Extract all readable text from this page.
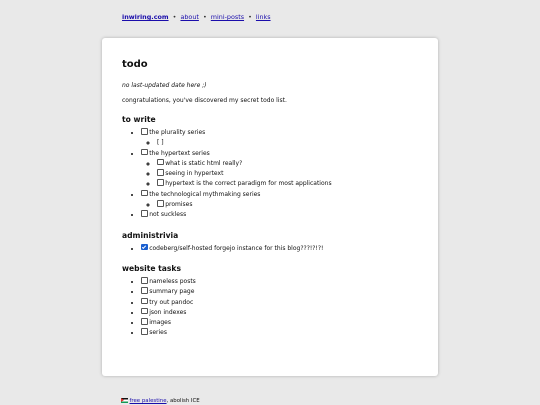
inwiring.com • about • mini-posts • links
todo

no last-updated date here ;)

congratulations, you've discovered my secret todo list.

to write
• the plurality series
◦ [ ]
• the hypertext series
◦ what is static html really?
◦ seeing in hypertext
◦ hypertext is the correct paradigm for most applications
• the technological mythmaking series
◦ promises
• not suckless
administrivia
• codeberg/self-hosted forgejo instance for this blog???!?!?!
website tasks
• nameless posts
• summary page
• try out pandoc
• json indexes
• images
• series
free palestine, abolish ICE
